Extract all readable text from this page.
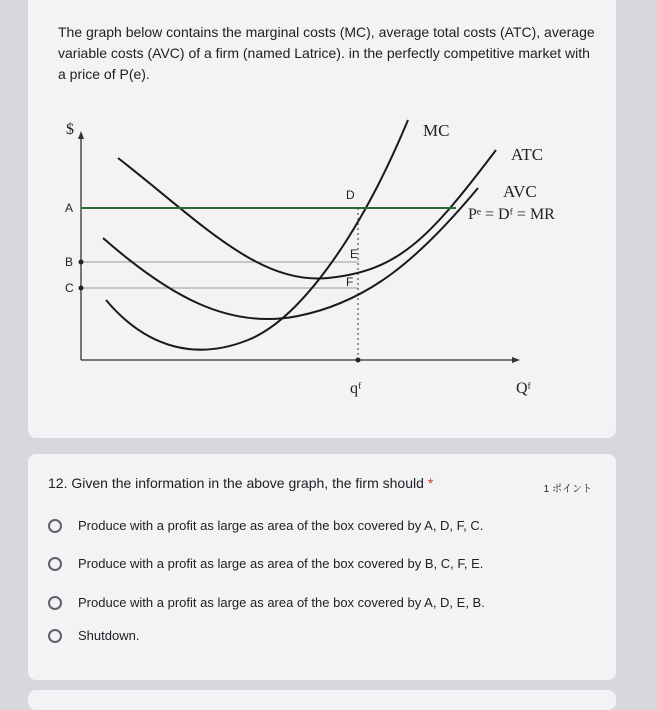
The graph below contains the marginal costs (MC), average total costs (ATC), average variable costs (AVC) of a firm (named Latrice). in the perfectly competitive market with a price of P(e).
$
A
B
C
D
E
F
MC
ATC
AVC
Pᵉ = Dᶠ = MR
qᶠ	Qᶠ
12. Given the information in the above graph, the firm should *	1 ポイント
Produce with a profit as large as area of the box covered by A, D, F, C.
Produce with a profit as large as area of the box covered by B, C, F, E.
Produce with a profit as large as area of the box covered by A, D, E, B.
Shutdown.
